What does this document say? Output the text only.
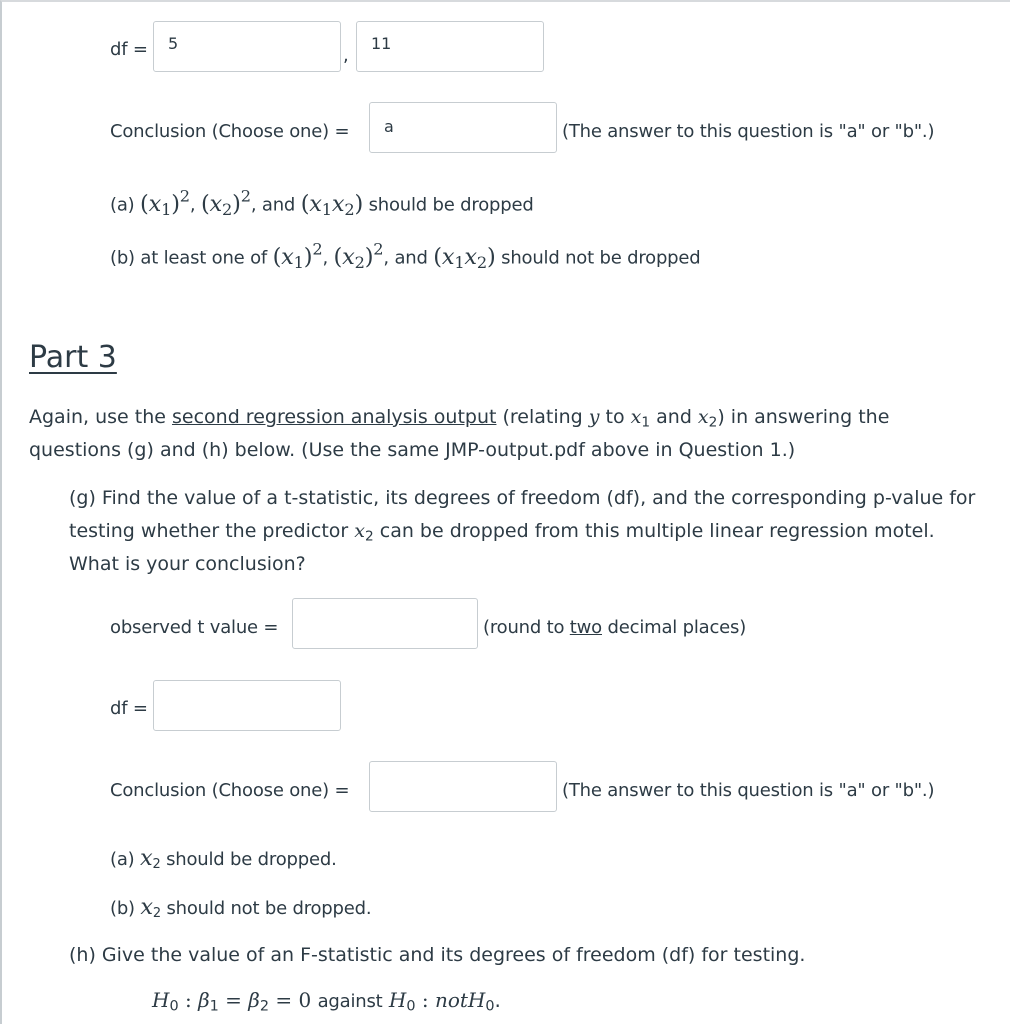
df =	5
,
11
Conclusion (Choose one) =	a	(The answer to this question is "a" or "b".)
(a) $(x_1)^2$, $(x_2)^2$, and $(x_1x_2)$ should be dropped
(b) at least one of $(x_1)^2$, $(x_2)^2$, and $(x_1x_2)$ should not be dropped
Part 3
Again, use the second regression analysis output (relating y to $x_1$ and $x_2$) in answering the
questions (g) and (h) below. (Use the same JMP-output.pdf above in Question 1.)
(g) Find the value of a t-statistic, its degrees of freedom (df), and the corresponding p-value for
testing whether the predictor $x_2$ can be dropped from this multiple linear regression motel.
What is your conclusion?
observed t value =	(round to two decimal places)
df =
Conclusion (Choose one) =	(The answer to this question is "a" or "b".)
(a) $x_2$ should be dropped.
(b) $x_2$ should not be dropped.
(h) Give the value of an F-statistic and its degrees of freedom (df) for testing.
$H_0$ : $\beta_1 = \beta_2 = 0$ against $H_0$ : notH$_0$.
